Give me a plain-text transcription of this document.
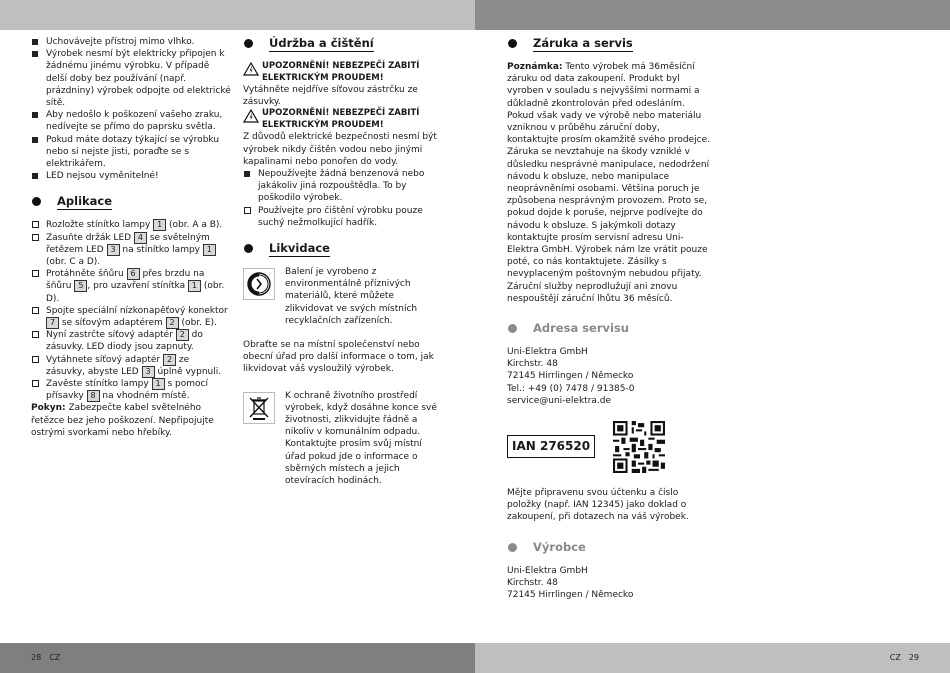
28 CZ	CZ 29
Uchovávejte přístroj mimo vlhko.
Výrobek nesmí být elektricky připojen k žádnému jinému výrobku. V případě delší doby bez používání (např. prázdniny) výrobek odpojte od elektrické sítě.
Aby nedošlo k poškození vašeho zraku, nedívejte se přímo do paprsku světla.
Pokud máte dotazy týkající se výrobku nebo si nejste jisti, poraďte se s elektrikářem.
LED nejsou vyměnitelné!
Aplikace
Rozložte stínítko lampy 1 (obr. A a B).
Zasuňte držák LED 4 se světelným řetězem LED 3 na stínítko lampy 1 (obr. C a D).
Protáhněte šňůru 6 přes brzdu na šňůru 5 , pro uzavření stínítka 1 (obr. D).
Spojte speciální nízkonapěťový konektor 7 se síťovým adaptérem 2 (obr. E).
Nyní zastrčte síťový adaptér 2 do zásuvky. LED diody jsou zapnuty.
Vytáhnete síťový adaptér 2 ze zásuvky, abyste LED 3 úplně vypnuli.
Zavěste stínítko lampy 1 s pomocí přísavky 8 na vhodném místě.

Pokyn: Zabezpečte kabel světelného řetězce bez jeho poškození. Nepřipojujte ostrými svorkami nebo hřebíky.

Údržba a čištění
UPOZORNĚNÍ! NEBEZPEČÍ ZABITÍ ELEKTRICKÝM PROUDEM!

Vytáhněte nejdříve síťovou zástrčku ze zásuvky.

UPOZORNĚNÍ! NEBEZPEČÍ ZABITÍ ELEKTRICKÝM PROUDEM!

Z důvodů elektrické bezpečnosti nesmí být výrobek nikdy čištěn vodou nebo jinými kapalinami nebo ponořen do vody.

Nepoužívejte žádná benzenová nebo jakákoliv jiná rozpouštědla. To by poškodilo výrobek.
Používejte pro čištění výrobku pouze suchý nežmolkující hadřík.
Likvidace

Balení je vyrobeno z environmentálně příznivých materiálů, které můžete zlikvidovat ve svých místních recyklačních zařízeních.

Obraťte se na místní společenství nebo obecní úřad pro další informace o tom, jak likvidovat váš vysloužilý výrobek.

K ochraně životního prostředí výrobek, když dosáhne konce své životnosti, zlikvidujte řádně a nikoliv v komunálním odpadu. Kontaktujte prosím svůj místní úřad pokud jde o informace o sběrných místech a jejich otevíracích hodinách.

Záruka a servis

Poznámka: Tento výrobek má 36měsíční záruku od data zakoupení. Produkt byl vyroben v souladu s nejvyššími normami a důkladně zkontrolován před odesláním. Pokud však vady ve výrobě nebo materiálu vzniknou v průběhu záruční doby, kontaktujte prosím okamžitě svého prodejce. Záruka se nevztahuje na škody vzniklé v důsledku nesprávné manipulace, nedodržení návodu k obsluze, nebo manipulace neoprávněními osobami. Většina poruch je způsobena nesprávným provozem. Proto se, pokud dojde k poruše, nejprve podívejte do návodu k obsluze. S jakýmkoli dotazy kontaktujte prosím servisní adresu Uni-Elektra GmbH. Výrobek nám lze vrátit pouze poté, co nás kontaktujete. Zásilky s nevyplaceným poštovným nebudou přijaty. Záruční služby neprodlužují ani znovu nespouštějí záruční lhůtu 36 měsíců.

Adresa servisu

Uni-Elektra GmbH

Kirchstr. 48

72145 Hirrlingen / Německo

Tel.: +49 (0) 7478 / 91385-0

service@uni-elektra.de

IAN 276520

Mějte připravenu svou účtenku a číslo položky (např. IAN 12345) jako doklad o zakoupení, při dotazech na váš výrobek.

Výrobce

Uni-Elektra GmbH

Kirchstr. 48

72145 Hirrlingen / Německo
